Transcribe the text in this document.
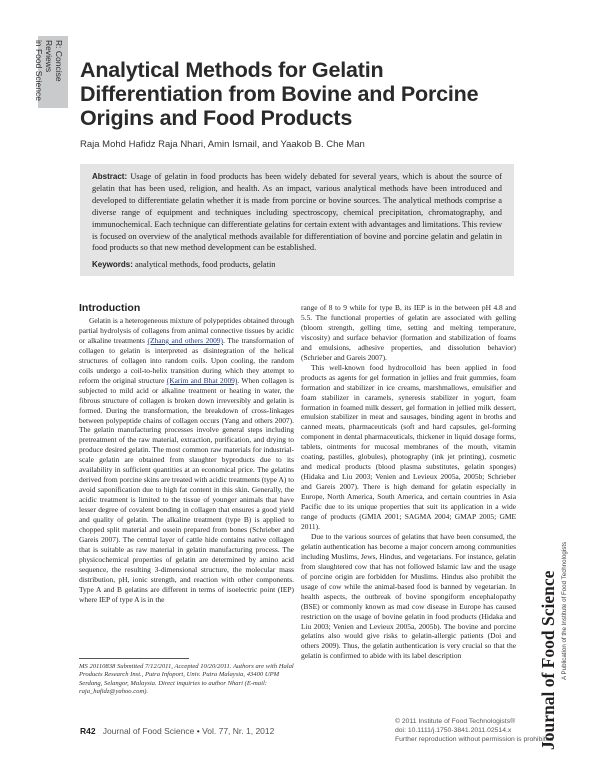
R: Concise Reviews
in Food Science	Analytical Methods for Gelatin Differentiation from Bovine and Porcine Origins and Food Products
Raja Mohd Hafidz Raja Nhari, Amin Ismail, and Yaakob B. Che Man
Abstract: Usage of gelatin in food products has been widely debated for several years, which is about the source of gelatin that has been used, religion, and health. As an impact, various analytical methods have been introduced and developed to differentiate gelatin whether it is made from porcine or bovine sources. The analytical methods comprise a diverse range of equipment and techniques including spectroscopy, chemical precipitation, chromatography, and immunochemical. Each technique can differentiate gelatins for certain extent with advantages and limitations. This review is focused on overview of the analytical methods available for differentiation of bovine and porcine gelatin and gelatin in food products so that new method development can be established.
Keywords: analytical methods, food products, gelatin
Introduction

Gelatin is a heterogeneous mixture of polypeptides obtained through partial hydrolysis of collagens from animal connective tissues by acidic or alkaline treatments (Zhang and others 2009). The transformation of collagen to gelatin is interpreted as disintegration of the helical structures of collagen into random coils. Upon cooling, the random coils undergo a coil-to-helix transition during which they attempt to reform the original structure (Karim and Bhat 2009). When collagen is subjected to mild acid or alkaline treatment or heating in water, the fibrous structure of collagen is broken down irreversibly and gelatin is formed. During the transformation, the breakdown of cross-linkages between polypeptide chains of collagen occurs (Yang and others 2007). The gelatin manufacturing processes involve general steps including pretreatment of the raw material, extraction, purification, and drying to produce desired gelatin. The most common raw materials for industrial-scale gelatin are obtained from slaughter byproducts due to its availability in sufficient quantities at an economical price. The gelatins derived from porcine skins are treated with acidic treatments (type A) to avoid saponification due to high fat content in this skin. Generally, the acidic treatment is limited to the tissue of younger animals that have lesser degree of covalent bonding in collagen that ensures a good yield and quality of gelatin. The alkaline treatment (type B) is applied to chopped split material and ossein prepared from bones (Schrieber and Gareis 2007). The central layer of cattle hide contains native collagen that is suitable as raw material in gelatin manufacturing process. The physicochemical properties of gelatin are determined by amino acid sequence, the resulting 3-dimensional structure, the molecular mass distribution, pH, ionic strength, and reaction with other components. Type A and B gelatins are different in terms of isoelectric point (IEP) where IEP of type A is in the

MS 20110838 Submitted 7/12/2011, Accepted 10/20/2011. Authors are with Halal Products Research Inst., Putra Infoport, Univ. Putra Malaysia, 43400 UPM Serdang, Selangor, Malaysia. Direct inquiries to author Nhari (E-mail: raja_hafidz@yahoo.com).

range of 8 to 9 while for type B, its IEP is in the between pH 4.8 and 5.5. The functional properties of gelatin are associated with gelling (bloom strength, gelling time, setting and melting temperature, viscosity) and surface behavior (formation and stabilization of foams and emulsions, adhesive properties, and dissolution behavior) (Schrieber and Gareis 2007).

This well-known food hydrocolloid has been applied in food products as agents for gel formation in jellies and fruit gummies, foam formation and stabilizer in ice creams, marshmallows, emulsifier and foam stabilizer in caramels, syneresis stabilizer in yogurt, foam formation in foamed milk dessert, gel formation in jellied milk dessert, emulsion stabilizer in meat and sausages, binding agent in broths and canned meats, pharmaceuticals (soft and hard capsules, gel-forming component in dental pharmaceuticals, thickener in liquid dosage forms, tablets, ointments for mucosal membranes of the mouth, vitamin coating, pastilles, globules), photography (ink jet printing), cosmetic and medical products (blood plasma substitutes, gelatin sponges) (Hidaka and Liu 2003; Venien and Levieux 2005a, 2005b; Schrieber and Gareis 2007). There is high demand for gelatin especially in Europe, North America, South America, and certain countries in Asia Pacific due to its unique properties that suit its application in a wide range of products (GMIA 2001; SAGMA 2004; GMAP 2005; GME 2011).

Due to the various sources of gelatins that have been consumed, the gelatin authentication has become a major concern among communities including Muslims, Jews, Hindus, and vegetarians. For instance, gelatin from slaughtered cow that has not followed Islamic law and the usage of porcine origin are forbidden for Muslims. Hindus also prohibit the usage of cow while the animal-based food is banned by vegetarian. In health aspects, the outbreak of bovine spongiform encephalopathy (BSE) or commonly known as mad cow disease in Europe has caused restriction on the usage of bovine gelatin in food products (Hidaka and Liu 2003; Venien and Levieux 2005a, 2005b). The bovine and porcine gelatins also would give risks to gelatin-allergic patients (Doi and others 2009). Thus, the gelatin authentication is very crucial so that the gelatin is confirmed to abide with its label description

R42 Journal of Food Science • Vol. 77, Nr. 1, 2012
© 2011 Institute of Food Technologists®
doi: 10.1111/j.1750-3841.2011.02514.x
Further reproduction without permission is prohibited
Journal of Food Science A Publication of the Institute of Food Technologists
